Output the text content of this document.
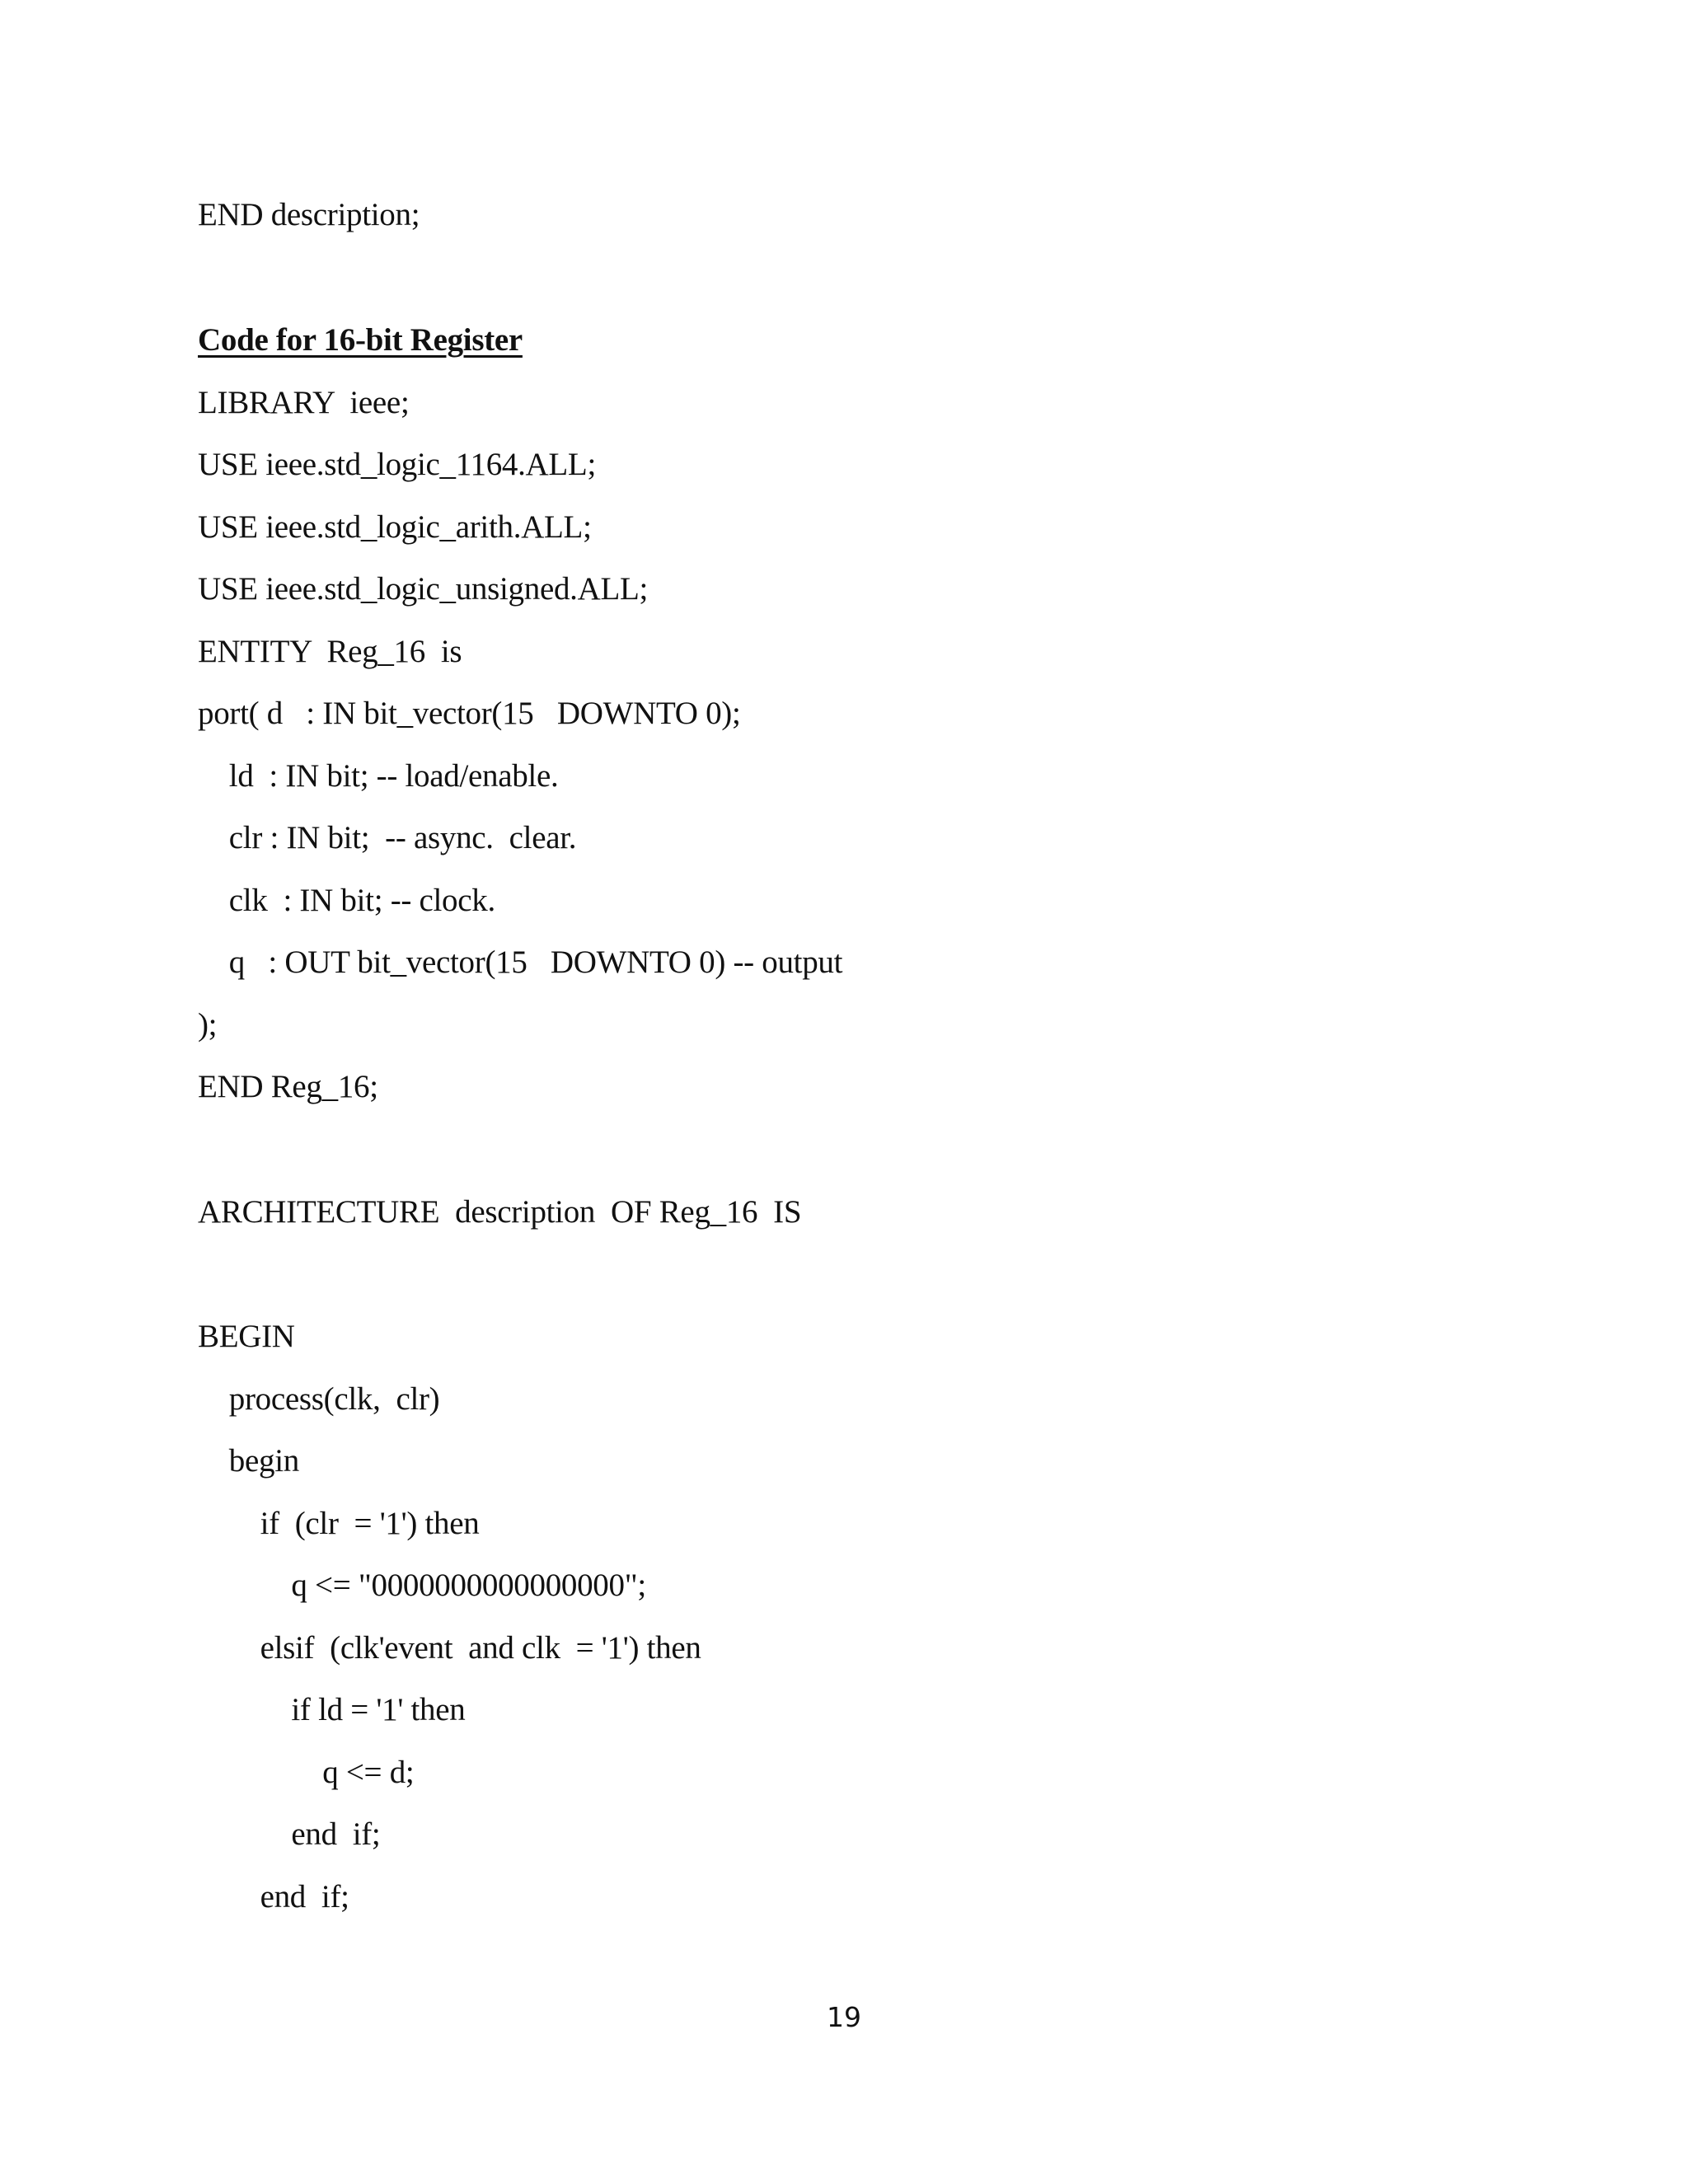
END description;
Code for 16-bit Register
LIBRARY  ieee;
USE ieee.std_logic_1164.ALL;
USE ieee.std_logic_arith.ALL;
USE ieee.std_logic_unsigned.ALL;
ENTITY  Reg_16  is
port( d   : IN bit_vector(15   DOWNTO 0);
ld  : IN bit; -- load/enable.
clr : IN bit;  -- async.  clear.
clk  : IN bit; -- clock.
q   : OUT bit_vector(15   DOWNTO 0) -- output
);
END Reg_16;
ARCHITECTURE  description  OF Reg_16  IS
BEGIN
process(clk,  clr)
begin
if  (clr  = '1') then
q <= "0000000000000000";
elsif  (clk'event  and clk  = '1') then
if ld = '1' then
q <= d;
end  if;
end  if;
19
